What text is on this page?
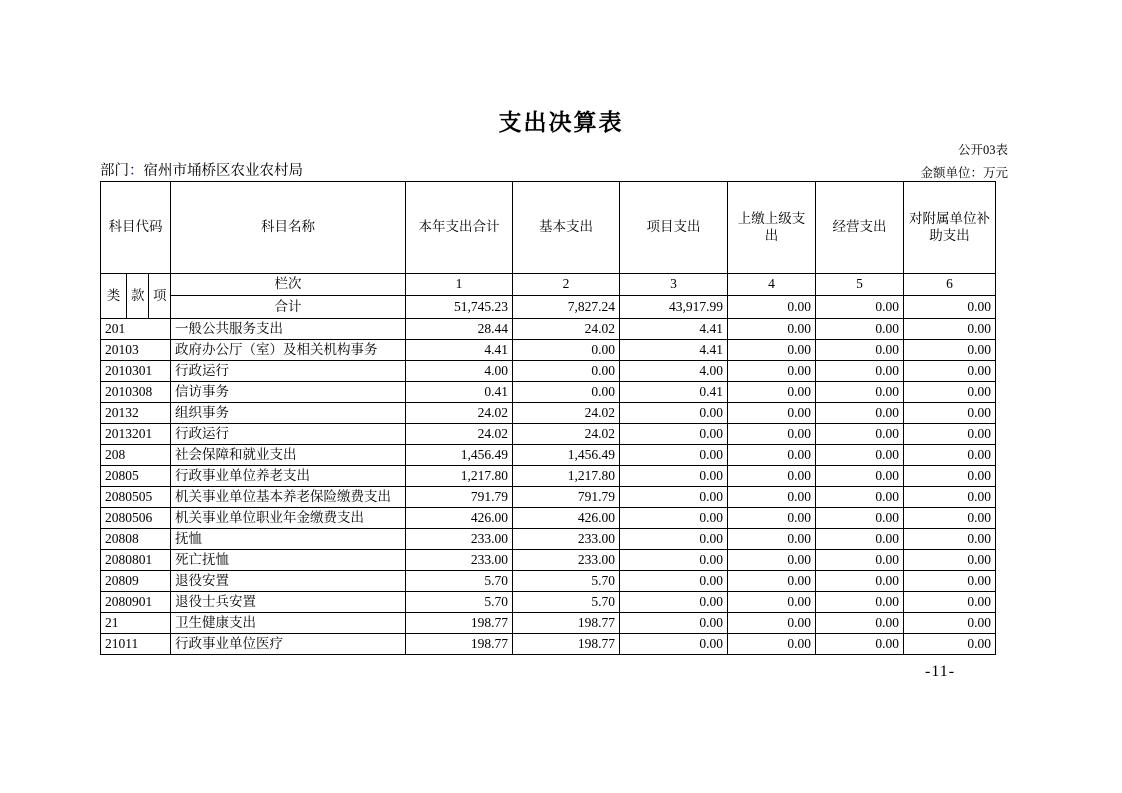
支出决算表
公开03表
部门：宿州市埇桥区农业农村局	金额单位：万元
科目代码			科目名称	本年支出合计	基本支出	项目支出	上缴上级支出	经营支出	对附属单位补助支出
类	款	项	栏次	1	2	3	4	5	6
			合计	51,745.23	7,827.24	43,917.99	0.00	0.00	0.00
201			一般公共服务支出	28.44	24.02	4.41	0.00	0.00	0.00
20103			政府办公厅（室）及相关机构事务	4.41	0.00	4.41	0.00	0.00	0.00
2010301			行政运行	4.00	0.00	4.00	0.00	0.00	0.00
2010308			信访事务	0.41	0.00	0.41	0.00	0.00	0.00
20132			组织事务	24.02	24.02	0.00	0.00	0.00	0.00
2013201			行政运行	24.02	24.02	0.00	0.00	0.00	0.00
208			社会保障和就业支出	1,456.49	1,456.49	0.00	0.00	0.00	0.00
20805			行政事业单位养老支出	1,217.80	1,217.80	0.00	0.00	0.00	0.00
2080505			机关事业单位基本养老保险缴费支出	791.79	791.79	0.00	0.00	0.00	0.00
2080506			机关事业单位职业年金缴费支出	426.00	426.00	0.00	0.00	0.00	0.00
20808			抚恤	233.00	233.00	0.00	0.00	0.00	0.00
2080801			死亡抚恤	233.00	233.00	0.00	0.00	0.00	0.00
20809			退役安置	5.70	5.70	0.00	0.00	0.00	0.00
2080901			退役士兵安置	5.70	5.70	0.00	0.00	0.00	0.00
21			卫生健康支出	198.77	198.77	0.00	0.00	0.00	0.00
21011			行政事业单位医疗	198.77	198.77	0.00	0.00	0.00	0.00
-11-
